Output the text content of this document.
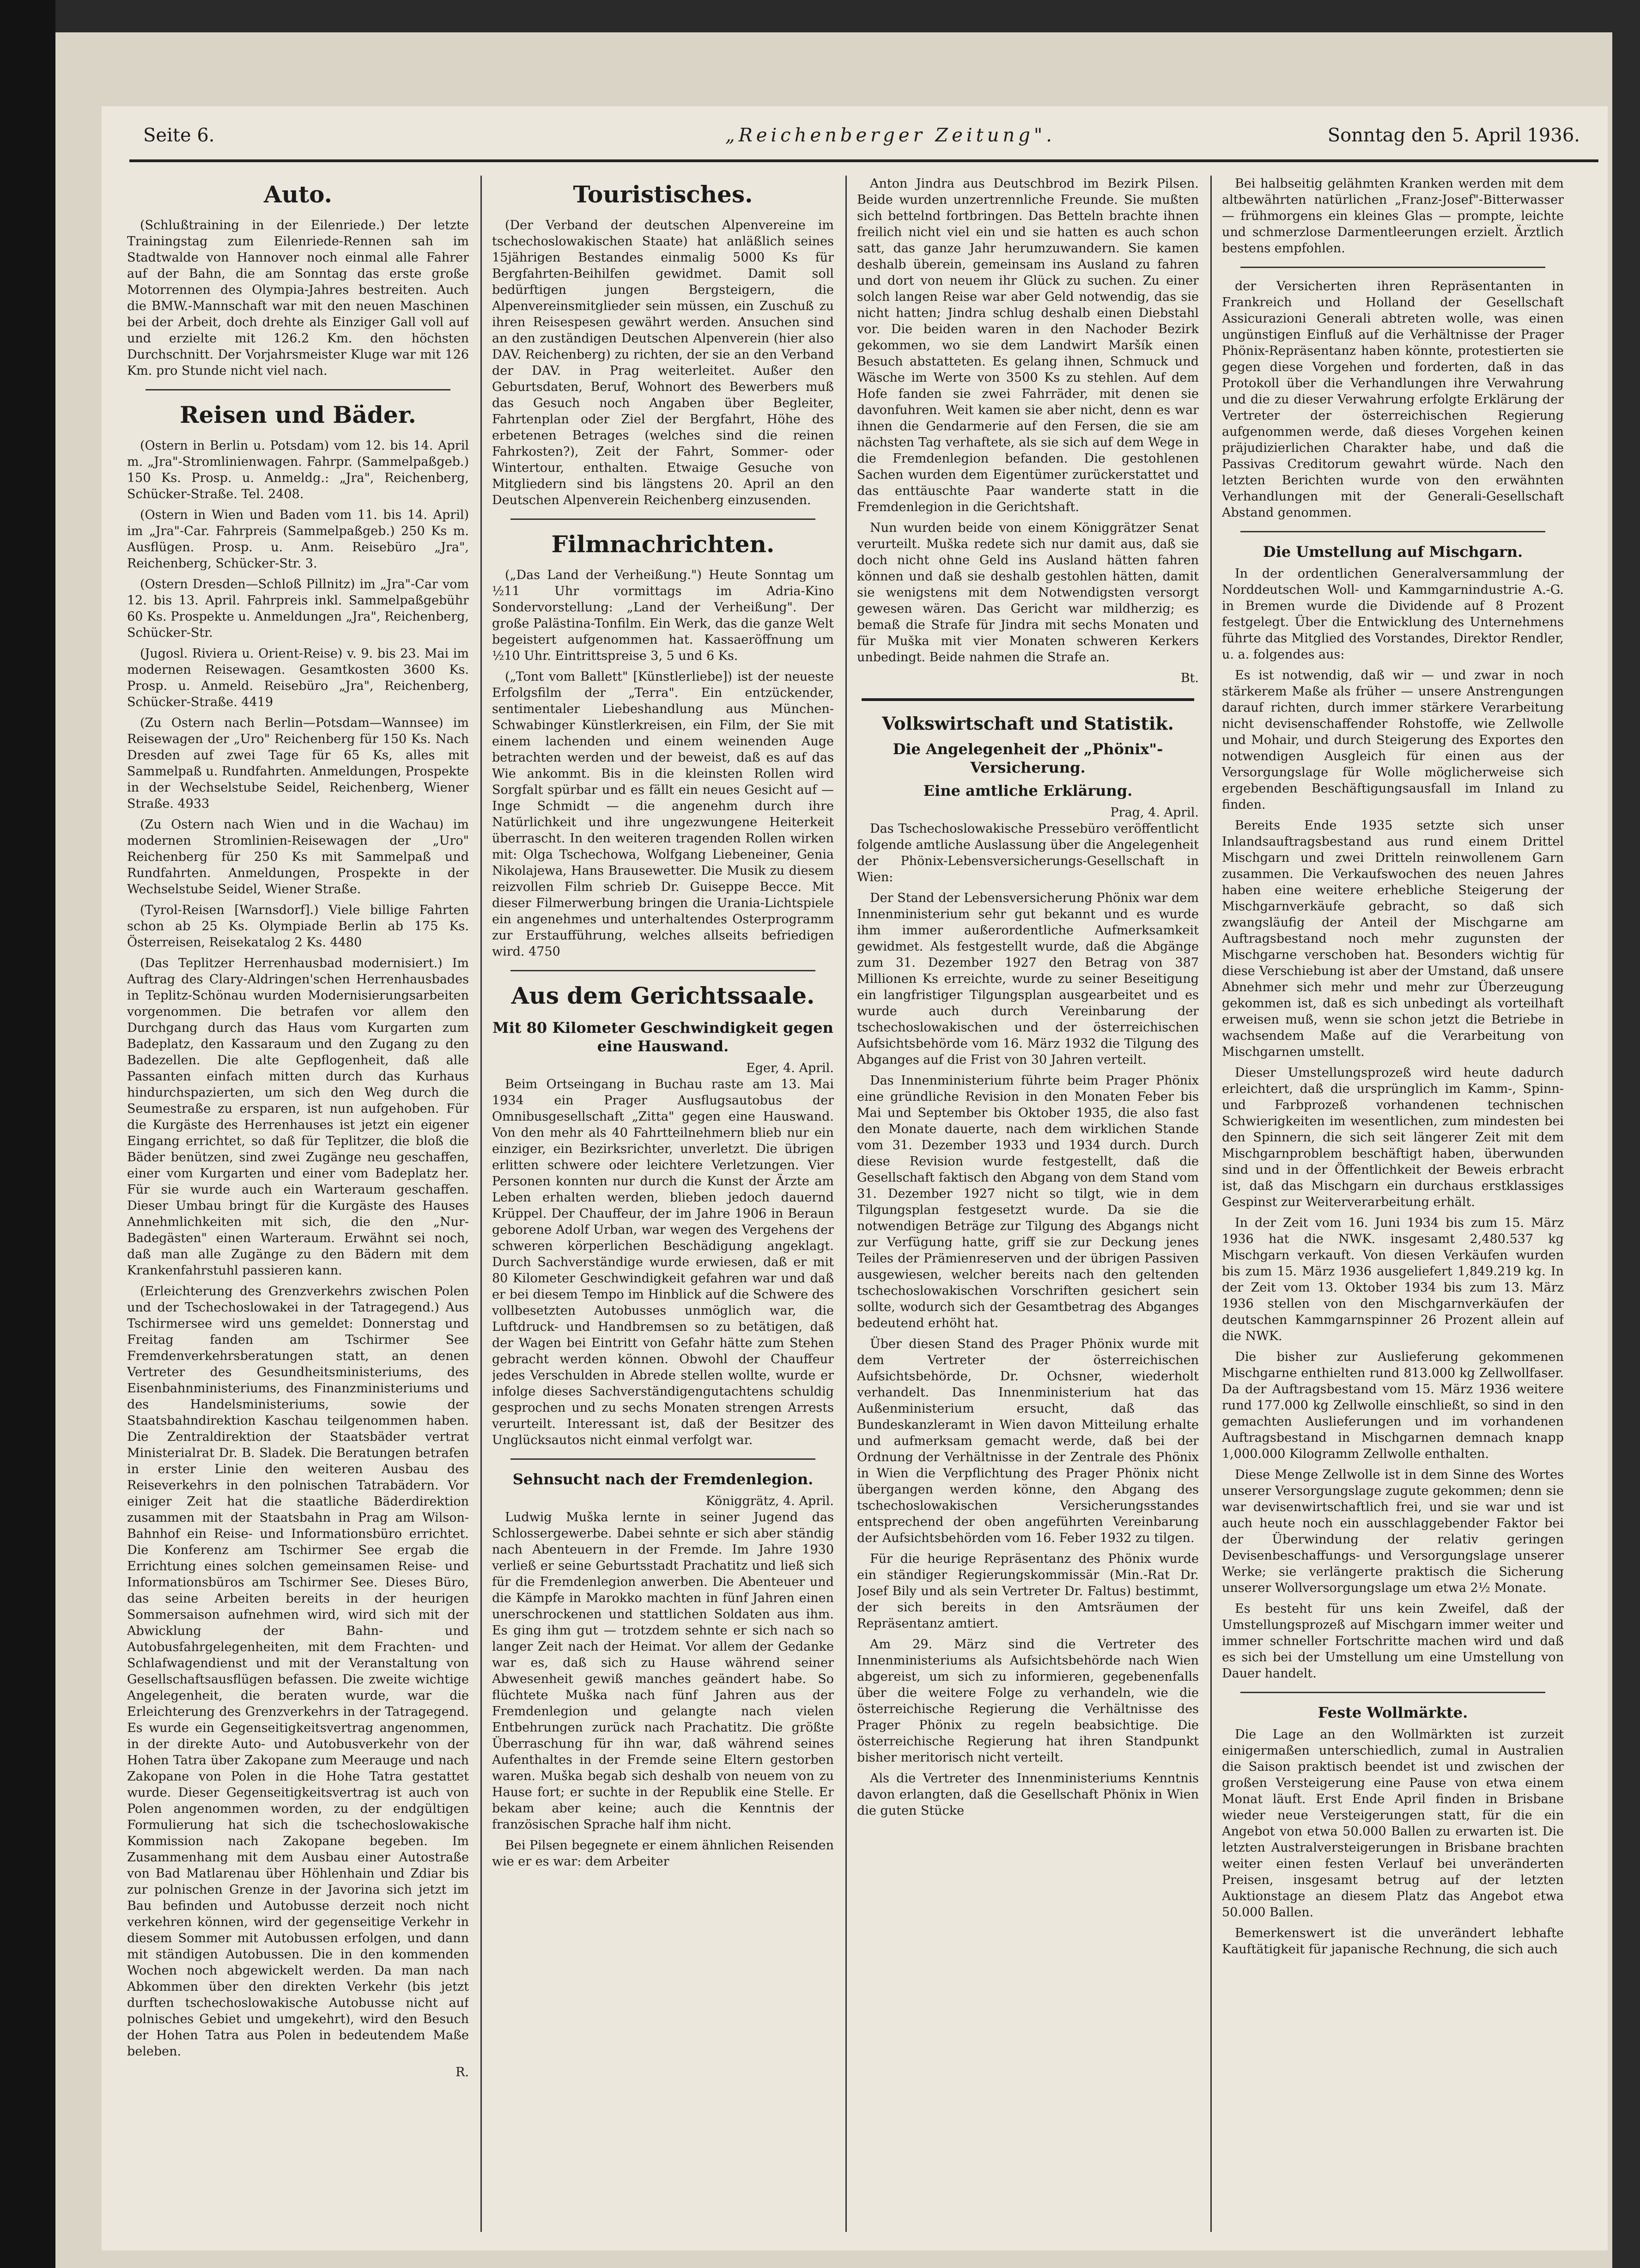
Seite 6.	„Reichenberger Zeitung".	Sonntag den 5. April 1936.
Auto.

(Schlußtraining in der Eilenriede.) Der letzte Trainingstag zum Eilenriede-Rennen sah im Stadtwalde von Hannover noch einmal alle Fahrer auf der Bahn, die am Sonntag das erste große Motorrennen des Olympia-Jahres bestreiten. Auch die BMW.-Mannschaft war mit den neuen Maschinen bei der Arbeit, doch drehte als Einziger Gall voll auf und erzielte mit 126.2 Km. den höchsten Durchschnitt. Der Vorjahrsmeister Kluge war mit 126 Km. pro Stunde nicht viel nach.

Reisen und Bäder.

(Ostern in Berlin u. Potsdam) vom 12. bis 14. April m. „Jra"-Stromlinienwagen. Fahrpr. (Sammelpaßgeb.) 150 Ks. Prosp. u. Anmeldg.: „Jra", Reichenberg, Schücker-Straße. Tel. 2408.

(Ostern in Wien und Baden vom 11. bis 14. April) im „Jra"-Car. Fahrpreis (Sammelpaßgeb.) 250 Ks m. Ausflügen. Prosp. u. Anm. Reisebüro „Jra", Reichenberg, Schücker-Str. 3.

(Ostern Dresden—Schloß Pillnitz) im „Jra"-Car vom 12. bis 13. April. Fahrpreis inkl. Sammelpaßgebühr 60 Ks. Prospekte u. Anmeldungen „Jra", Reichenberg, Schücker-Str.

(Jugosl. Riviera u. Orient-Reise) v. 9. bis 23. Mai im modernen Reisewagen. Gesamtkosten 3600 Ks. Prosp. u. Anmeld. Reisebüro „Jra", Reichenberg, Schücker-Straße. 4419

(Zu Ostern nach Berlin—Potsdam—Wannsee) im Reisewagen der „Uro" Reichenberg für 150 Ks. Nach Dresden auf zwei Tage für 65 Ks, alles mit Sammelpaß u. Rundfahrten. Anmeldungen, Prospekte in der Wechselstube Seidel, Reichenberg, Wiener Straße. 4933

(Zu Ostern nach Wien und in die Wachau) im modernen Stromlinien-Reisewagen der „Uro" Reichenberg für 250 Ks mit Sammelpaß und Rundfahrten. Anmeldungen, Prospekte in der Wechselstube Seidel, Wiener Straße.

(Tyrol-Reisen [Warnsdorf].) Viele billige Fahrten schon ab 25 Ks. Olympiade Berlin ab 175 Ks. Österreisen, Reisekatalog 2 Ks. 4480

(Das Teplitzer Herrenhausbad modernisiert.) Im Auftrag des Clary-Aldringen'schen Herrenhausbades in Teplitz-Schönau wurden Modernisierungsarbeiten vorgenommen. Die betrafen vor allem den Durchgang durch das Haus vom Kurgarten zum Badeplatz, den Kassaraum und den Zugang zu den Badezellen. Die alte Gepflogenheit, daß alle Passanten einfach mitten durch das Kurhaus hindurchspazierten, um sich den Weg durch die Seumestraße zu ersparen, ist nun aufgehoben. Für die Kurgäste des Herrenhauses ist jetzt ein eigener Eingang errichtet, so daß für Teplitzer, die bloß die Bäder benützen, sind zwei Zugänge neu geschaffen, einer vom Kurgarten und einer vom Badeplatz her. Für sie wurde auch ein Warteraum geschaffen. Dieser Umbau bringt für die Kurgäste des Hauses Annehmlichkeiten mit sich, die den „Nur-Badegästen" einen Warteraum. Erwähnt sei noch, daß man alle Zugänge zu den Bädern mit dem Krankenfahrstuhl passieren kann.

(Erleichterung des Grenzverkehrs zwischen Polen und der Tschechoslowakei in der Tatragegend.) Aus Tschirmersee wird uns gemeldet: Donnerstag und Freitag fanden am Tschirmer See Fremdenverkehrsberatungen statt, an denen Vertreter des Gesundheitsministeriums, des Eisenbahnministeriums, des Finanzministeriums und des Handelsministeriums, sowie der Staatsbahndirektion Kaschau teilgenommen haben. Die Zentraldirektion der Staatsbäder vertrat Ministerialrat Dr. B. Sladek. Die Beratungen betrafen in erster Linie den weiteren Ausbau des Reiseverkehrs in den polnischen Tatrabädern. Vor einiger Zeit hat die staatliche Bäderdirektion zusammen mit der Staatsbahn in Prag am Wilson-Bahnhof ein Reise- und Informationsbüro errichtet. Die Konferenz am Tschirmer See ergab die Errichtung eines solchen gemeinsamen Reise- und Informationsbüros am Tschirmer See. Dieses Büro, das seine Arbeiten bereits in der heurigen Sommersaison aufnehmen wird, wird sich mit der Abwicklung der Bahn- und Autobusfahrgelegenheiten, mit dem Frachten- und Schlafwagendienst und mit der Veranstaltung von Gesellschaftsausflügen befassen. Die zweite wichtige Angelegenheit, die beraten wurde, war die Erleichterung des Grenzverkehrs in der Tatragegend. Es wurde ein Gegenseitigkeitsvertrag angenommen, in der direkte Auto- und Autobusverkehr von der Hohen Tatra über Zakopane zum Meerauge und nach Zakopane von Polen in die Hohe Tatra gestattet wurde. Dieser Gegenseitigkeitsvertrag ist auch von Polen angenommen worden, zu der endgültigen Formulierung hat sich die tschechoslowakische Kommission nach Zakopane begeben. Im Zusammenhang mit dem Ausbau einer Autostraße von Bad Matlarenau über Höhlenhain und Zdiar bis zur polnischen Grenze in der Javorina sich jetzt im Bau befinden und Autobusse derzeit noch nicht verkehren können, wird der gegenseitige Verkehr in diesem Sommer mit Autobussen erfolgen, und dann mit ständigen Autobussen. Die in den kommenden Wochen noch abgewickelt werden. Da man nach Abkommen über den direkten Verkehr (bis jetzt durften tschechoslowakische Autobusse nicht auf polnisches Gebiet und umgekehrt), wird den Besuch der Hohen Tatra aus Polen in bedeutendem Maße beleben.

R.
Touristisches.

(Der Verband der deutschen Alpenvereine im tschechoslowakischen Staate) hat anläßlich seines 15jährigen Bestandes einmalig 5000 Ks für Bergfahrten-Beihilfen gewidmet. Damit soll bedürftigen jungen Bergsteigern, die Alpenvereinsmitglieder sein müssen, ein Zuschuß zu ihren Reisespesen gewährt werden. Ansuchen sind an den zuständigen Deutschen Alpenverein (hier also DAV. Reichenberg) zu richten, der sie an den Verband der DAV. in Prag weiterleitet. Außer den Geburtsdaten, Beruf, Wohnort des Bewerbers muß das Gesuch noch Angaben über Begleiter, Fahrtenplan oder Ziel der Bergfahrt, Höhe des erbetenen Betrages (welches sind die reinen Fahrkosten?), Zeit der Fahrt, Sommer- oder Wintertour, enthalten. Etwaige Gesuche von Mitgliedern sind bis längstens 20. April an den Deutschen Alpenverein Reichenberg einzusenden.

Filmnachrichten.

(„Das Land der Verheißung.") Heute Sonntag um ½11 Uhr vormittags im Adria-Kino Sondervorstellung: „Land der Verheißung". Der große Palästina-Tonfilm. Ein Werk, das die ganze Welt begeistert aufgenommen hat. Kassaeröffnung um ½10 Uhr. Eintrittspreise 3, 5 und 6 Ks.

(„Tont vom Ballett" [Künstlerliebe]) ist der neueste Erfolgsfilm der „Terra". Ein entzückender, sentimentaler Liebeshandlung aus München-Schwabinger Künstlerkreisen, ein Film, der Sie mit einem lachenden und einem weinenden Auge betrachten werden und der beweist, daß es auf das Wie ankommt. Bis in die kleinsten Rollen wird Sorgfalt spürbar und es fällt ein neues Gesicht auf — Inge Schmidt — die angenehm durch ihre Natürlichkeit und ihre ungezwungene Heiterkeit überrascht. In den weiteren tragenden Rollen wirken mit: Olga Tschechowa, Wolfgang Liebeneiner, Genia Nikolajewa, Hans Brausewetter. Die Musik zu diesem reizvollen Film schrieb Dr. Guiseppe Becce. Mit dieser Filmerwerbung bringen die Urania-Lichtspiele ein angenehmes und unterhaltendes Osterprogramm zur Erstaufführung, welches allseits befriedigen wird. 4750

Aus dem Gerichtssaale.
Mit 80 Kilometer Geschwindigkeit gegen eine Hauswand.
Eger, 4. April.

Beim Ortseingang in Buchau raste am 13. Mai 1934 ein Prager Ausflugsautobus der Omnibusgesellschaft „Zitta" gegen eine Hauswand. Von den mehr als 40 Fahrtteilnehmern blieb nur ein einziger, ein Bezirksrichter, unverletzt. Die übrigen erlitten schwere oder leichtere Verletzungen. Vier Personen konnten nur durch die Kunst der Ärzte am Leben erhalten werden, blieben jedoch dauernd Krüppel. Der Chauffeur, der im Jahre 1906 in Beraun geborene Adolf Urban, war wegen des Vergehens der schweren körperlichen Beschädigung angeklagt. Durch Sachverständige wurde erwiesen, daß er mit 80 Kilometer Geschwindigkeit gefahren war und daß er bei diesem Tempo im Hinblick auf die Schwere des vollbesetzten Autobusses unmöglich war, die Luftdruck- und Handbremsen so zu betätigen, daß der Wagen bei Eintritt von Gefahr hätte zum Stehen gebracht werden können. Obwohl der Chauffeur jedes Verschulden in Abrede stellen wollte, wurde er infolge dieses Sachverständigengutachtens schuldig gesprochen und zu sechs Monaten strengen Arrests verurteilt. Interessant ist, daß der Besitzer des Unglücksautos nicht einmal verfolgt war.

Sehnsucht nach der Fremdenlegion.
Königgrätz, 4. April.

Ludwig Muška lernte in seiner Jugend das Schlossergewerbe. Dabei sehnte er sich aber ständig nach Abenteuern in der Fremde. Im Jahre 1930 verließ er seine Geburtsstadt Prachatitz und ließ sich für die Fremdenlegion anwerben. Die Abenteuer und die Kämpfe in Marokko machten in fünf Jahren einen unerschrockenen und stattlichen Soldaten aus ihm. Es ging ihm gut — trotzdem sehnte er sich nach so langer Zeit nach der Heimat. Vor allem der Gedanke war es, daß sich zu Hause während seiner Abwesenheit gewiß manches geändert habe. So flüchtete Muška nach fünf Jahren aus der Fremdenlegion und gelangte nach vielen Entbehrungen zurück nach Prachatitz. Die größte Überraschung für ihn war, daß während seines Aufenthaltes in der Fremde seine Eltern gestorben waren. Muška begab sich deshalb von neuem von zu Hause fort; er suchte in der Republik eine Stelle. Er bekam aber keine; auch die Kenntnis der französischen Sprache half ihm nicht.

Bei Pilsen begegnete er einem ähnlichen Reisenden wie er es war: dem Arbeiter

Anton Jindra aus Deutschbrod im Bezirk Pilsen. Beide wurden unzertrennliche Freunde. Sie mußten sich bettelnd fortbringen. Das Betteln brachte ihnen freilich nicht viel ein und sie hatten es auch schon satt, das ganze Jahr herumzuwandern. Sie kamen deshalb überein, gemeinsam ins Ausland zu fahren und dort von neuem ihr Glück zu suchen. Zu einer solch langen Reise war aber Geld notwendig, das sie nicht hatten; Jindra schlug deshalb einen Diebstahl vor. Die beiden waren in den Nachoder Bezirk gekommen, wo sie dem Landwirt Maršík einen Besuch abstatteten. Es gelang ihnen, Schmuck und Wäsche im Werte von 3500 Ks zu stehlen. Auf dem Hofe fanden sie zwei Fahrräder, mit denen sie davonfuhren. Weit kamen sie aber nicht, denn es war ihnen die Gendarmerie auf den Fersen, die sie am nächsten Tag verhaftete, als sie sich auf dem Wege in die Fremdenlegion befanden. Die gestohlenen Sachen wurden dem Eigentümer zurückerstattet und das enttäuschte Paar wanderte statt in die Fremdenlegion in die Gerichtshaft.

Nun wurden beide von einem Königgrätzer Senat verurteilt. Muška redete sich nur damit aus, daß sie doch nicht ohne Geld ins Ausland hätten fahren können und daß sie deshalb gestohlen hätten, damit sie wenigstens mit dem Notwendigsten versorgt gewesen wären. Das Gericht war mildherzig; es bemaß die Strafe für Jindra mit sechs Monaten und für Muška mit vier Monaten schweren Kerkers unbedingt. Beide nahmen die Strafe an.

Bt.
Volkswirtschaft und Statistik.
Die Angelegenheit der „Phönix"-Versicherung.
Eine amtliche Erklärung.
Prag, 4. April.

Das Tschechoslowakische Pressebüro veröffentlicht folgende amtliche Auslassung über die Angelegenheit der Phönix-Lebensversicherungs-Gesellschaft in Wien:

Der Stand der Lebensversicherung Phönix war dem Innenministerium sehr gut bekannt und es wurde ihm immer außerordentliche Aufmerksamkeit gewidmet. Als festgestellt wurde, daß die Abgänge zum 31. Dezember 1927 den Betrag von 387 Millionen Ks erreichte, wurde zu seiner Beseitigung ein langfristiger Tilgungsplan ausgearbeitet und es wurde auch durch Vereinbarung der tschechoslowakischen und der österreichischen Aufsichtsbehörde vom 16. März 1932 die Tilgung des Abganges auf die Frist von 30 Jahren verteilt.

Das Innenministerium führte beim Prager Phönix eine gründliche Revision in den Monaten Feber bis Mai und September bis Oktober 1935, die also fast den Monate dauerte, nach dem wirklichen Stande vom 31. Dezember 1933 und 1934 durch. Durch diese Revision wurde festgestellt, daß die Gesellschaft faktisch den Abgang von dem Stand vom 31. Dezember 1927 nicht so tilgt, wie in dem Tilgungsplan festgesetzt wurde. Da sie die notwendigen Beträge zur Tilgung des Abgangs nicht zur Verfügung hatte, griff sie zur Deckung jenes Teiles der Prämienreserven und der übrigen Passiven ausgewiesen, welcher bereits nach den geltenden tschechoslowakischen Vorschriften gesichert sein sollte, wodurch sich der Gesamtbetrag des Abganges bedeutend erhöht hat.

Über diesen Stand des Prager Phönix wurde mit dem Vertreter der österreichischen Aufsichtsbehörde, Dr. Ochsner, wiederholt verhandelt. Das Innenministerium hat das Außenministerium ersucht, daß das Bundeskanzleramt in Wien davon Mitteilung erhalte und aufmerksam gemacht werde, daß bei der Ordnung der Verhältnisse in der Zentrale des Phönix in Wien die Verpflichtung des Prager Phönix nicht übergangen werden könne, den Abgang des tschechoslowakischen Versicherungsstandes entsprechend der oben angeführten Vereinbarung der Aufsichtsbehörden vom 16. Feber 1932 zu tilgen.

Für die heurige Repräsentanz des Phönix wurde ein ständiger Regierungskommissär (Min.-Rat Dr. Josef Bily und als sein Vertreter Dr. Faltus) bestimmt, der sich bereits in den Amtsräumen der Repräsentanz amtiert.

Am 29. März sind die Vertreter des Innenministeriums als Aufsichtsbehörde nach Wien abgereist, um sich zu informieren, gegebenenfalls über die weitere Folge zu verhandeln, wie die österreichische Regierung die Verhältnisse des Prager Phönix zu regeln beabsichtige. Die österreichische Regierung hat ihren Standpunkt bisher meritorisch nicht verteilt.

Als die Vertreter des Innenministeriums Kenntnis davon erlangten, daß die Gesellschaft Phönix in Wien die guten Stücke

Bei halbseitig gelähmten Kranken werden mit dem altbewährten natürlichen „Franz-Josef"-Bitterwasser — frühmorgens ein kleines Glas — prompte, leichte und schmerzlose Darmentleerungen erzielt. Ärztlich bestens empfohlen.

der Versicherten ihren Repräsentanten in Frankreich und Holland der Gesellschaft Assicurazioni Generali abtreten wolle, was einen ungünstigen Einfluß auf die Verhältnisse der Prager Phönix-Repräsentanz haben könnte, protestierten sie gegen diese Vorgehen und forderten, daß in das Protokoll über die Verhandlungen ihre Verwahrung und die zu dieser Verwahrung erfolgte Erklärung der Vertreter der österreichischen Regierung aufgenommen werde, daß dieses Vorgehen keinen präjudizierlichen Charakter habe, und daß die Passivas Creditorum gewahrt würde. Nach den letzten Berichten wurde von den erwähnten Verhandlungen mit der Generali-Gesellschaft Abstand genommen.

Die Umstellung auf Mischgarn.

In der ordentlichen Generalversammlung der Norddeutschen Woll- und Kammgarnindustrie A.-G. in Bremen wurde die Dividende auf 8 Prozent festgelegt. Über die Entwicklung des Unternehmens führte das Mitglied des Vorstandes, Direktor Rendler, u. a. folgendes aus:

Es ist notwendig, daß wir — und zwar in noch stärkerem Maße als früher — unsere Anstrengungen darauf richten, durch immer stärkere Verarbeitung nicht devisenschaffender Rohstoffe, wie Zellwolle und Mohair, und durch Steigerung des Exportes den notwendigen Ausgleich für einen aus der Versorgungslage für Wolle möglicherweise sich ergebenden Beschäftigungsausfall im Inland zu finden.

Bereits Ende 1935 setzte sich unser Inlandsauftragsbestand aus rund einem Drittel Mischgarn und zwei Dritteln reinwollenem Garn zusammen. Die Verkaufswochen des neuen Jahres haben eine weitere erhebliche Steigerung der Mischgarnverkäufe gebracht, so daß sich zwangsläufig der Anteil der Mischgarne am Auftragsbestand noch mehr zugunsten der Mischgarne verschoben hat. Besonders wichtig für diese Verschiebung ist aber der Umstand, daß unsere Abnehmer sich mehr und mehr zur Überzeugung gekommen ist, daß es sich unbedingt als vorteilhaft erweisen muß, wenn sie schon jetzt die Betriebe in wachsendem Maße auf die Verarbeitung von Mischgarnen umstellt.

Dieser Umstellungsprozeß wird heute dadurch erleichtert, daß die ursprünglich im Kamm-, Spinn- und Farbprozeß vorhandenen technischen Schwierigkeiten im wesentlichen, zum mindesten bei den Spinnern, die sich seit längerer Zeit mit dem Mischgarnproblem beschäftigt haben, überwunden sind und in der Öffentlichkeit der Beweis erbracht ist, daß das Mischgarn ein durchaus erstklassiges Gespinst zur Weiterverarbeitung erhält.

In der Zeit vom 16. Juni 1934 bis zum 15. März 1936 hat die NWK. insgesamt 2,480.537 kg Mischgarn verkauft. Von diesen Verkäufen wurden bis zum 15. März 1936 ausgeliefert 1,849.219 kg. In der Zeit vom 13. Oktober 1934 bis zum 13. März 1936 stellen von den Mischgarnverkäufen der deutschen Kammgarnspinner 26 Prozent allein auf die NWK.

Die bisher zur Auslieferung gekommenen Mischgarne enthielten rund 813.000 kg Zellwollfaser. Da der Auftragsbestand vom 15. März 1936 weitere rund 177.000 kg Zellwolle einschließt, so sind in den gemachten Auslieferungen und im vorhandenen Auftragsbestand in Mischgarnen demnach knapp 1,000.000 Kilogramm Zellwolle enthalten.

Diese Menge Zellwolle ist in dem Sinne des Wortes unserer Versorgungslage zugute gekommen; denn sie war devisenwirtschaftlich frei, und sie war und ist auch heute noch ein ausschlaggebender Faktor bei der Überwindung der relativ geringen Devisenbeschaffungs- und Versorgungslage unserer Werke; sie verlängerte praktisch die Sicherung unserer Wollversorgungslage um etwa 2½ Monate.

Es besteht für uns kein Zweifel, daß der Umstellungsprozeß auf Mischgarn immer weiter und immer schneller Fortschritte machen wird und daß es sich bei der Umstellung um eine Umstellung von Dauer handelt.

Feste Wollmärkte.

Die Lage an den Wollmärkten ist zurzeit einigermaßen unterschiedlich, zumal in Australien die Saison praktisch beendet ist und zwischen der großen Versteigerung eine Pause von etwa einem Monat läuft. Erst Ende April finden in Brisbane wieder neue Versteigerungen statt, für die ein Angebot von etwa 50.000 Ballen zu erwarten ist. Die letzten Australversteigerungen in Brisbane brachten weiter einen festen Verlauf bei unveränderten Preisen, insgesamt betrug auf der letzten Auktionstage an diesem Platz das Angebot etwa 50.000 Ballen.

Bemerkenswert ist die unverändert lebhafte Kauftätigkeit für japanische Rechnung, die sich auch
